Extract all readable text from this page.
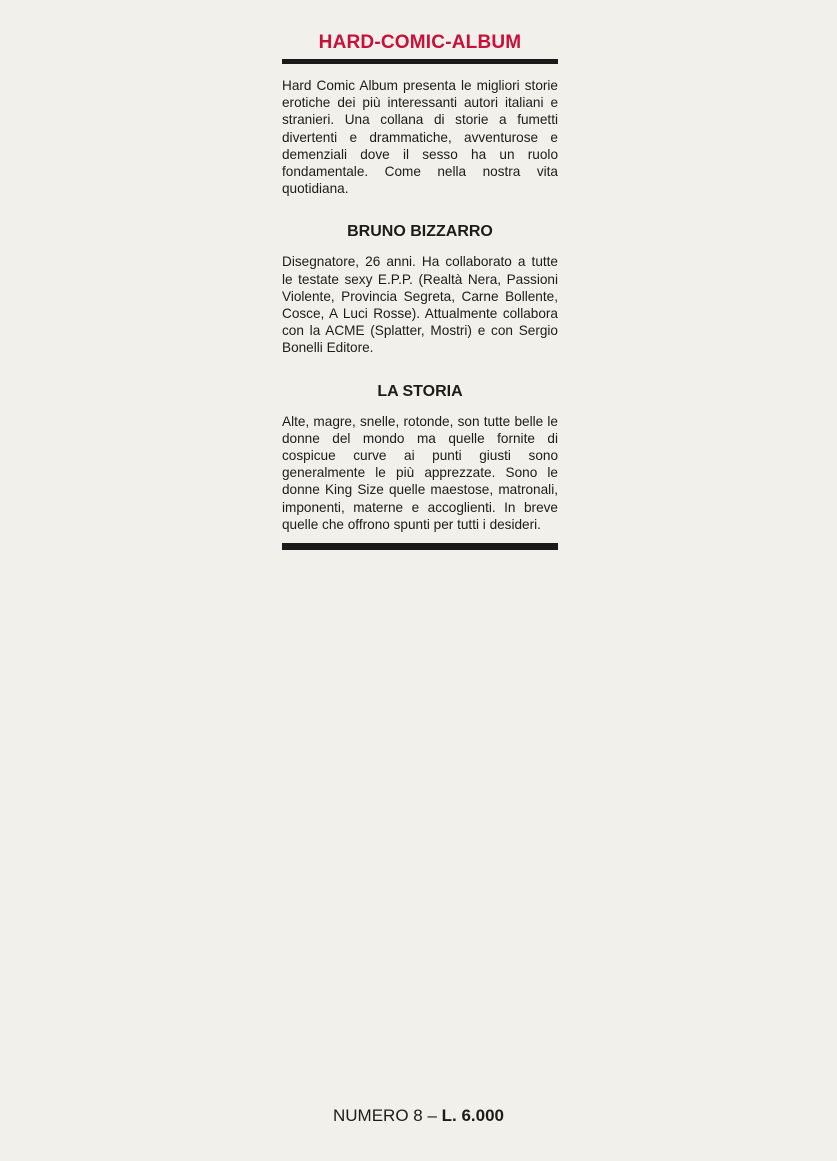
HARD-COMIC-ALBUM

Hard Comic Album presenta le migliori storie erotiche dei più interessanti autori italiani e stranieri. Una collana di storie a fumetti divertenti e drammatiche, avventurose e demenziali dove il sesso ha un ruolo fondamentale. Come nella nostra vita quotidiana.

BRUNO BIZZARRO

Disegnatore, 26 anni. Ha collaborato a tutte le testate sexy E.P.P. (Realtà Nera, Passioni Violente, Provincia Segreta, Carne Bollente, Cosce, A Luci Rosse). Attualmente collabora con la ACME (Splatter, Mostri) e con Sergio Bonelli Editore.

LA STORIA

Alte, magre, snelle, rotonde, son tutte belle le donne del mondo ma quelle fornite di cospicue curve ai punti giusti sono generalmente le più apprezzate. Sono le donne King Size quelle maestose, matronali, imponenti, materne e accoglienti. In breve quelle che offrono spunti per tutti i desideri.

NUMERO 8 – L. 6.000
